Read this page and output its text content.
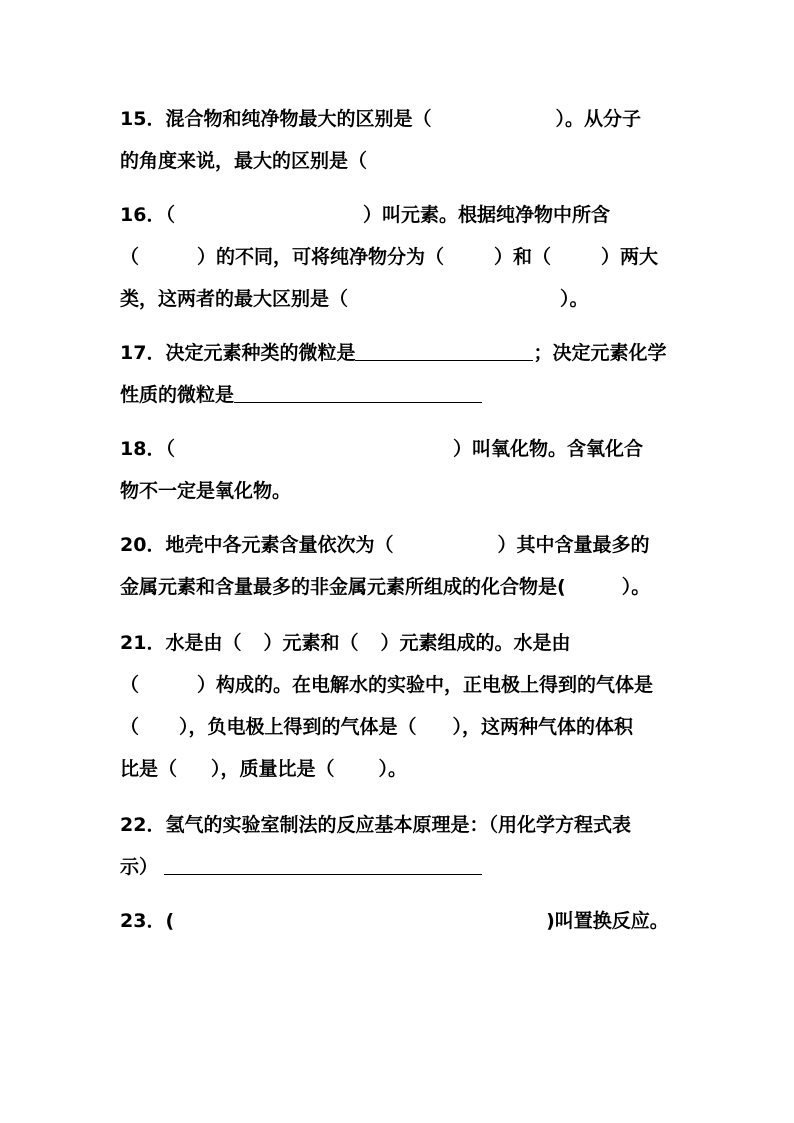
15．混合物和纯净物最大的区别是（	）。从分子
的角度来说，最大的区别是（
16．（	）叫元素。根据纯净物中所含
（	）的不同，可将纯净物分为（	）和（	）两大
类，这两者的最大区别是（	）。
17．决定元素种类的微粒是	；决定元素化学
性质的微粒是
18．（	）叫氧化物。含氧化合
物不一定是氧化物。
20．地壳中各元素含量依次为（	）其中含量最多的
金属元素和含量最多的非金属元素所组成的化合物是(	）。
21．水是由（ ）元素和（ ）元素组成的。水是由
（	）构成的。在电解水的实验中，正电极上得到的气体是
（ ），负电极上得到的气体是（ ），这两种气体的体积
比是（ ），质量比是（ ）。
22．氢气的实验室制法的反应基本原理是：（用化学方程式表
示）
23．(	)叫置换反应。
